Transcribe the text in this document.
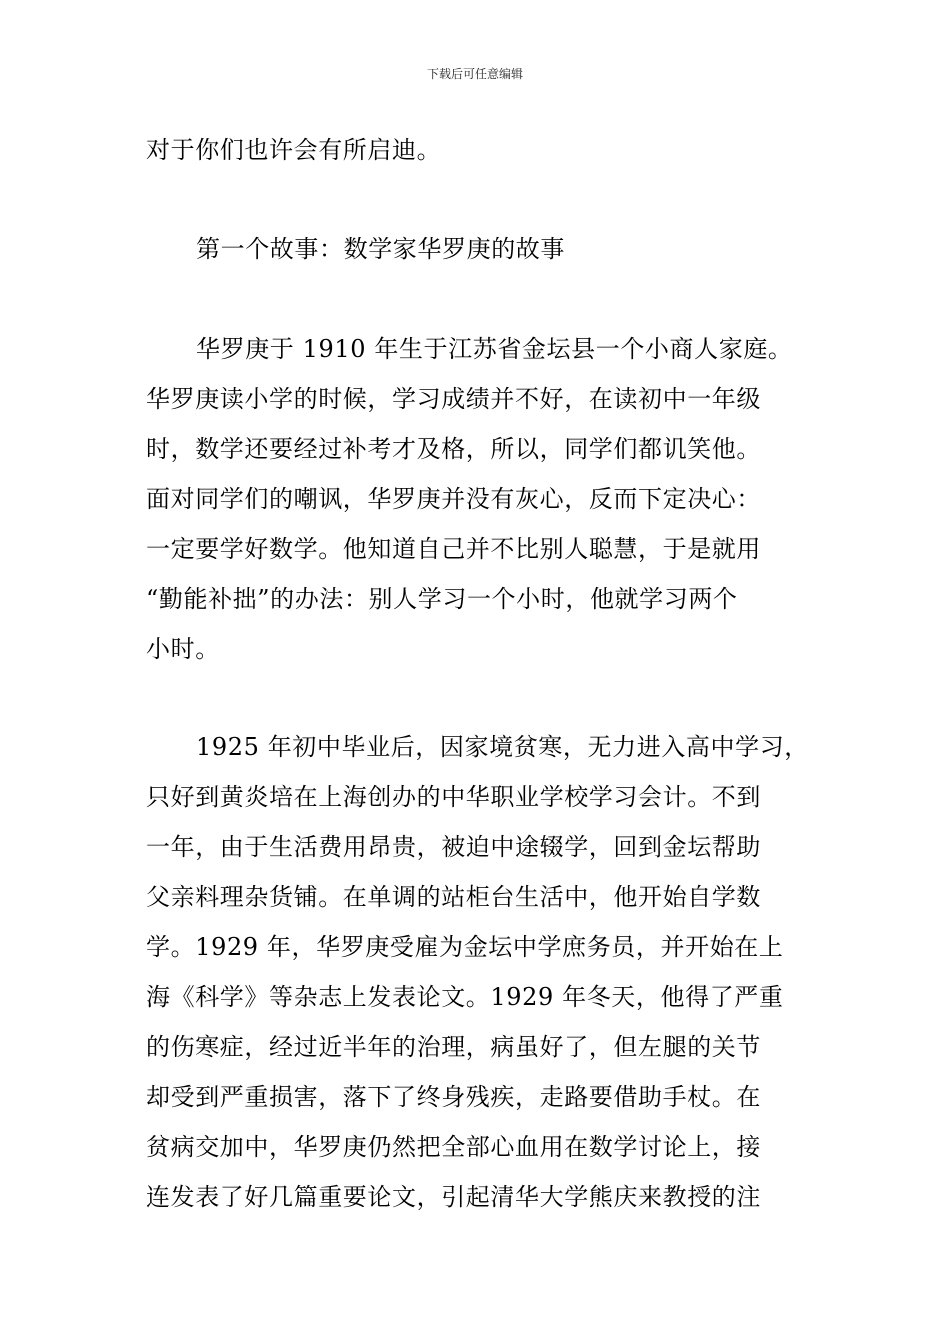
下载后可任意编辑
对于你们也许会有所启迪。
第一个故事：数学家华罗庚的故事
华罗庚于 1910 年生于江苏省金坛县一个小商人家庭。
华罗庚读小学的时候，学习成绩并不好，在读初中一年级
时，数学还要经过补考才及格，所以，同学们都讥笑他。
面对同学们的嘲讽，华罗庚并没有灰心，反而下定决心：
一定要学好数学。他知道自己并不比别人聪慧，于是就用
“勤能补拙”的办法：别人学习一个小时，他就学习两个
小时。
1925 年初中毕业后，因家境贫寒，无力进入高中学习，
只好到黄炎培在上海创办的中华职业学校学习会计。不到
一年，由于生活费用昂贵，被迫中途辍学，回到金坛帮助
父亲料理杂货铺。在单调的站柜台生活中，他开始自学数
学。1929 年，华罗庚受雇为金坛中学庶务员，并开始在上
海《科学》等杂志上发表论文。1929 年冬天，他得了严重
的伤寒症，经过近半年的治理，病虽好了，但左腿的关节
却受到严重损害，落下了终身残疾，走路要借助手杖。在
贫病交加中，华罗庚仍然把全部心血用在数学讨论上，接
连发表了好几篇重要论文，引起清华大学熊庆来教授的注
